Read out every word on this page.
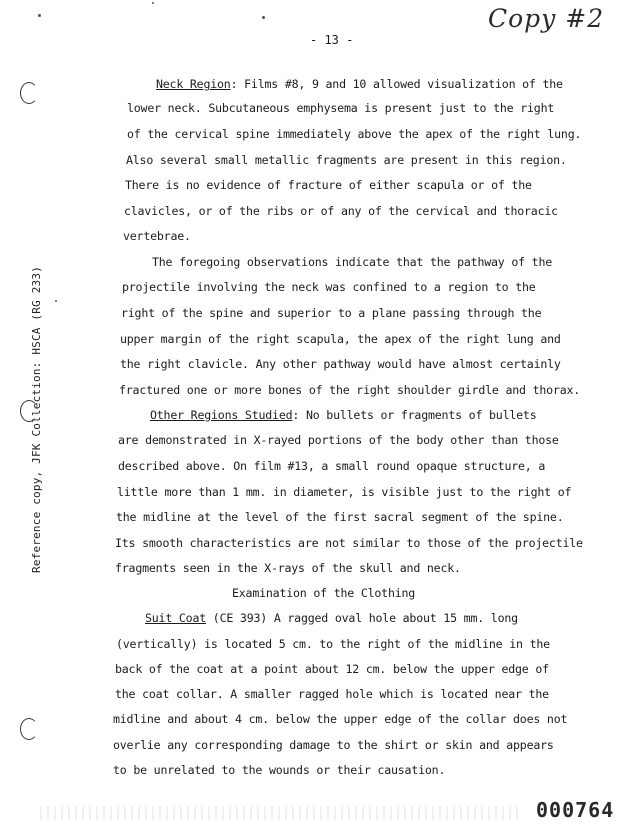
Copy #2
- 13 -
Neck Region: Films #8, 9 and 10 allowed visualization of the
lower neck. Subcutaneous emphysema is present just to the right
of the cervical spine immediately above the apex of the right lung.
Also several small metallic fragments are present in this region.
There is no evidence of fracture of either scapula or of the
clavicles, or of the ribs or of any of the cervical and thoracic
vertebrae.
The foregoing observations indicate that the pathway of the
projectile involving the neck was confined to a region to the
right of the spine and superior to a plane passing through the
upper margin of the right scapula, the apex of the right lung and
the right clavicle. Any other pathway would have almost certainly
fractured one or more bones of the right shoulder girdle and thorax.
Other Regions Studied: No bullets or fragments of bullets
are demonstrated in X-rayed portions of the body other than those
described above. On film #13, a small round opaque structure, a
little more than 1 mm. in diameter, is visible just to the right of
the midline at the level of the first sacral segment of the spine.
Its smooth characteristics are not similar to those of the projectile
fragments seen in the X-rays of the skull and neck.
Examination of the Clothing
Suit Coat (CE 393) A ragged oval hole about 15 mm. long
(vertically) is located 5 cm. to the right of the midline in the
back of the coat at a point about 12 cm. below the upper edge of
the coat collar. A smaller ragged hole which is located near the
midline and about 4 cm. below the upper edge of the collar does not
overlie any corresponding damage to the shirt or skin and appears
to be unrelated to the wounds or their causation.
Reference copy, JFK Collection: HSCA (RG 233)
000764
